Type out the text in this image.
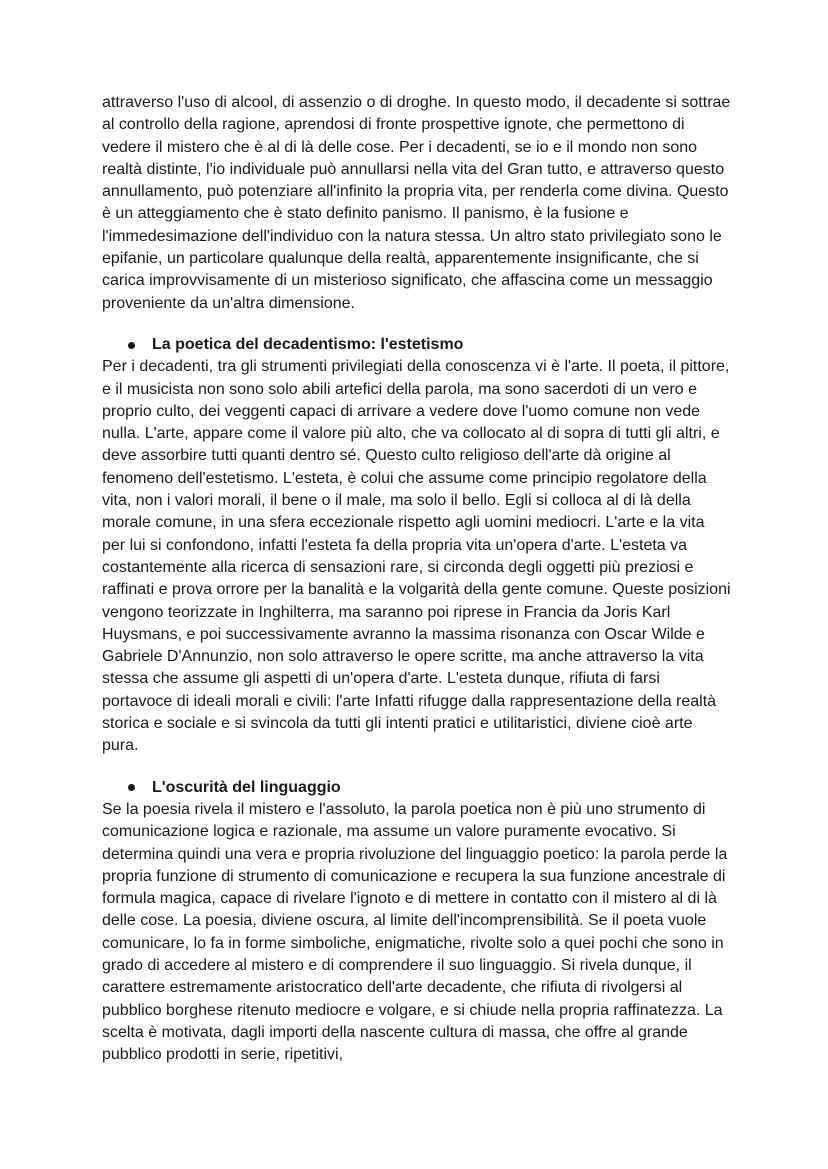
attraverso l'uso di alcool, di assenzio o di droghe. In questo modo, il decadente si sottrae al controllo della ragione, aprendosi di fronte prospettive ignote, che permettono di vedere il mistero che è al di là delle cose. Per i decadenti, se io e il mondo non sono realtà distinte, l'io individuale può annullarsi nella vita del Gran tutto, e attraverso questo annullamento, può potenziare all'infinito la propria vita, per renderla come divina. Questo è un atteggiamento che è stato definito panismo. Il panismo, è la fusione e l'immedesimazione dell'individuo con la natura stessa. Un altro stato privilegiato sono le epifanie, un particolare qualunque della realtà, apparentemente insignificante, che si carica improvvisamente di un misterioso significato, che affascina come un messaggio proveniente da un'altra dimensione.

La poetica del decadentismo: l'estetismo

Per i decadenti, tra gli strumenti privilegiati della conoscenza vi è l'arte. Il poeta, il pittore, e il musicista non sono solo abili artefici della parola, ma sono sacerdoti di un vero e proprio culto, dei veggenti capaci di arrivare a vedere dove l'uomo comune non vede nulla. L'arte, appare come il valore più alto, che va collocato al di sopra di tutti gli altri, e deve assorbire tutti quanti dentro sé. Questo culto religioso dell'arte dà origine al fenomeno dell'estetismo. L'esteta, è colui che assume come principio regolatore della vita, non i valori morali, il bene o il male, ma solo il bello. Egli si colloca al di là della morale comune, in una sfera eccezionale rispetto agli uomini mediocri. L'arte e la vita per lui si confondono, infatti l'esteta fa della propria vita un'opera d'arte. L'esteta va costantemente alla ricerca di sensazioni rare, si circonda degli oggetti più preziosi e raffinati e prova orrore per la banalità e la volgarità della gente comune. Queste posizioni vengono teorizzate in Inghilterra, ma saranno poi riprese in Francia da Joris Karl Huysmans, e poi successivamente avranno la massima risonanza con Oscar Wilde e Gabriele D'Annunzio, non solo attraverso le opere scritte, ma anche attraverso la vita stessa che assume gli aspetti di un'opera d'arte. L'esteta dunque, rifiuta di farsi portavoce di ideali morali e civili: l'arte Infatti rifugge dalla rappresentazione della realtà storica e sociale e si svincola da tutti gli intenti pratici e utilitaristici, diviene cioè arte pura.

L'oscurità del linguaggio

Se la poesia rivela il mistero e l'assoluto, la parola poetica non è più uno strumento di comunicazione logica e razionale, ma assume un valore puramente evocativo. Si determina quindi una vera e propria rivoluzione del linguaggio poetico: la parola perde la propria funzione di strumento di comunicazione e recupera la sua funzione ancestrale di formula magica, capace di rivelare l'ignoto e di mettere in contatto con il mistero al di là delle cose. La poesia, diviene oscura, al limite dell'incomprensibilità. Se il poeta vuole comunicare, lo fa in forme simboliche, enigmatiche, rivolte solo a quei pochi che sono in grado di accedere al mistero e di comprendere il suo linguaggio. Si rivela dunque, il carattere estremamente aristocratico dell'arte decadente, che rifiuta di rivolgersi al pubblico borghese ritenuto mediocre e volgare, e si chiude nella propria raffinatezza. La scelta è motivata, dagli importi della nascente cultura di massa, che offre al grande pubblico prodotti in serie, ripetitivi,
